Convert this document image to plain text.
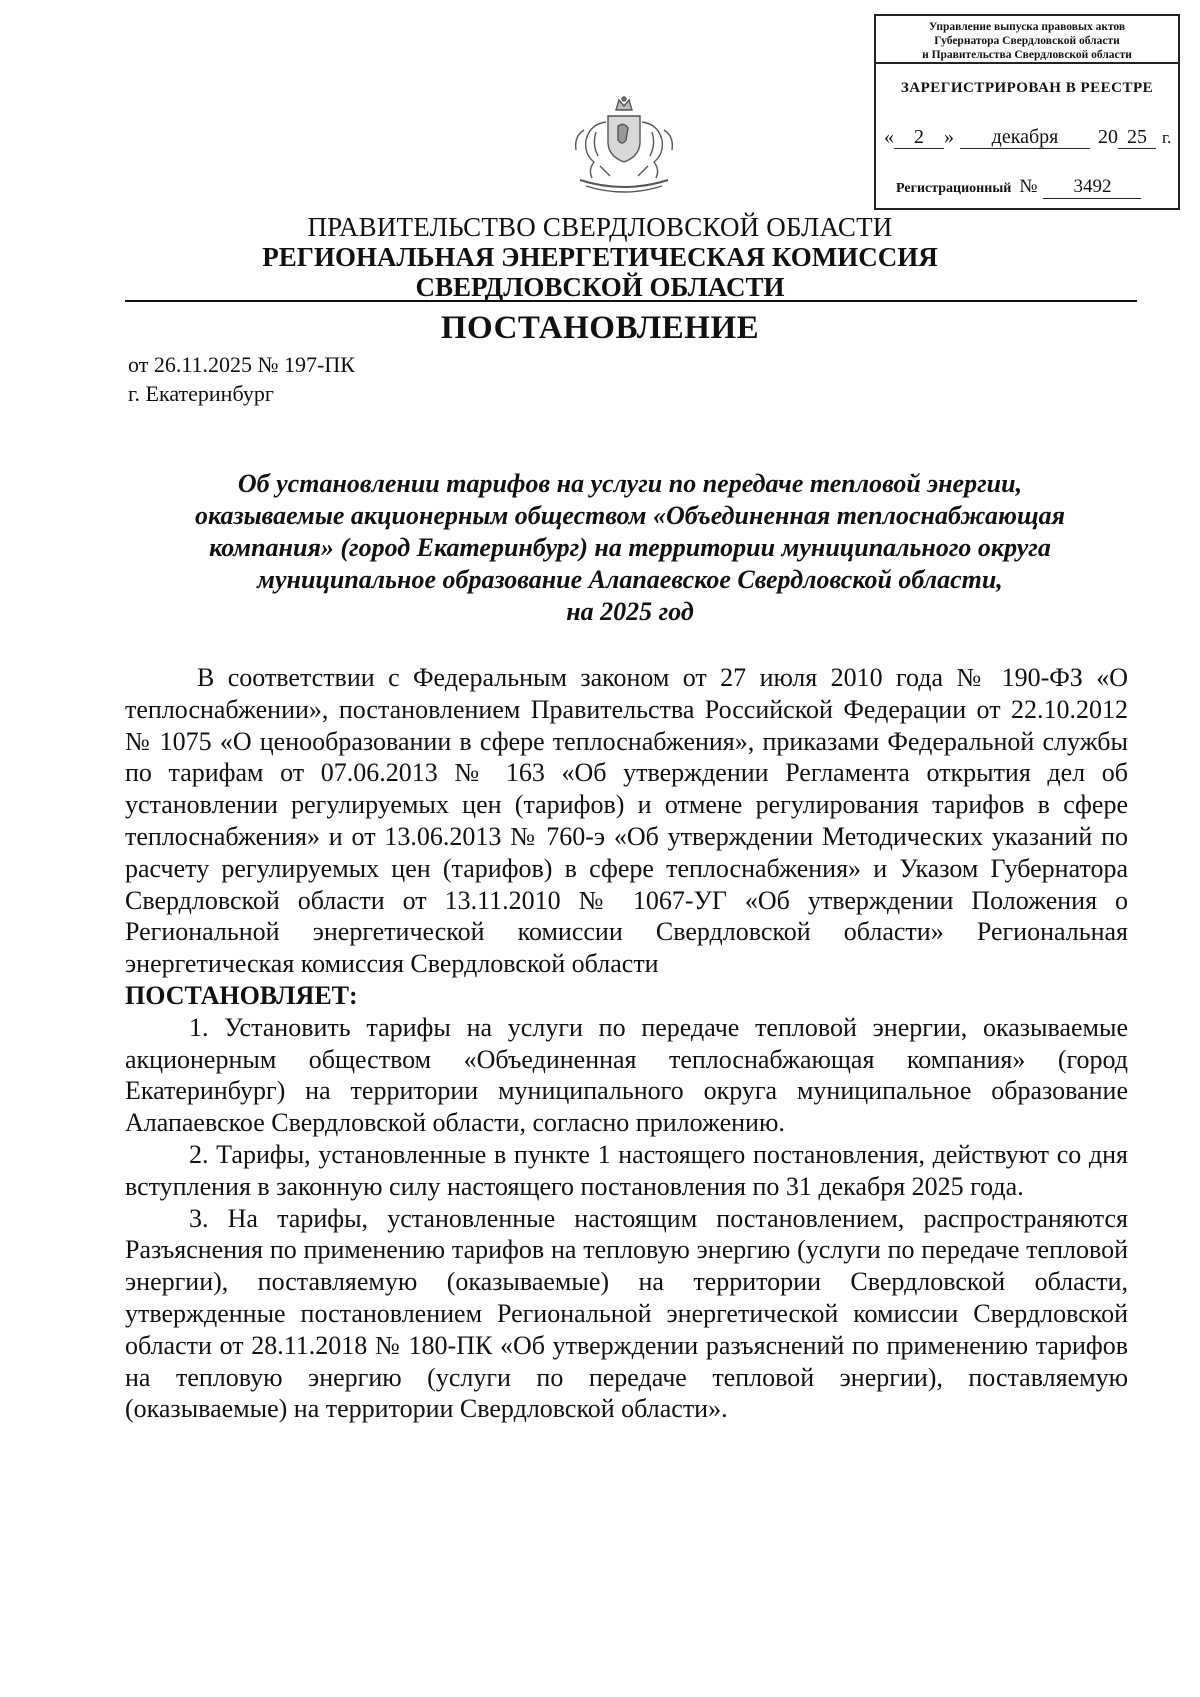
Управление выпуска правовых актов
Губернатора Свердловской области
и Правительства Свердловской области
ЗАРЕГИСТРИРОВАН В РЕЕСТРЕ
« 2 » декабря 20 25 г.
Регистрационный № 3492
ПРАВИТЕЛЬСТВО СВЕРДЛОВСКОЙ ОБЛАСТИ
РЕГИОНАЛЬНАЯ ЭНЕРГЕТИЧЕСКАЯ КОМИССИЯ
СВЕРДЛОВСКОЙ ОБЛАСТИ
ПОСТАНОВЛЕНИЕ
от 26.11.2025 № 197-ПК
г. Екатеринбург
Об установлении тарифов на услуги по передаче тепловой энергии,
оказываемые акционерным обществом «Объединенная теплоснабжающая
компания» (город Екатеринбург) на территории муниципального округа
муниципальное образование Алапаевское Свердловской области,
на 2025 год

В соответствии с Федеральным законом от 27 июля 2010 года № 190-ФЗ «О теплоснабжении», постановлением Правительства Российской Федерации от 22.10.2012 № 1075 «О ценообразовании в сфере теплоснабжения», приказами Федеральной службы по тарифам от 07.06.2013 № 163 «Об утверждении Регламента открытия дел об установлении регулируемых цен (тарифов) и отмене регулирования тарифов в сфере теплоснабжения» и от 13.06.2013 № 760-э «Об утверждении Методических указаний по расчету регулируемых цен (тарифов) в сфере теплоснабжения» и Указом Губернатора Свердловской области от 13.11.2010 № 1067-УГ «Об утверждении Положения о Региональной энергетической комиссии Свердловской области» Региональная энергетическая комиссия Свердловской области

ПОСТАНОВЛЯЕТ:

1. Установить тарифы на услуги по передаче тепловой энергии, оказываемые акционерным обществом «Объединенная теплоснабжающая компания» (город Екатеринбург) на территории муниципального округа муниципальное образование Алапаевское Свердловской области, согласно приложению.

2. Тарифы, установленные в пункте 1 настоящего постановления, действуют со дня вступления в законную силу настоящего постановления по 31 декабря 2025 года.

3. На тарифы, установленные настоящим постановлением, распространяются Разъяснения по применению тарифов на тепловую энергию (услуги по передаче тепловой энергии), поставляемую (оказываемые) на территории Свердловской области, утвержденные постановлением Региональной энергетической комиссии Свердловской области от 28.11.2018 № 180-ПК «Об утверждении разъяснений по применению тарифов на тепловую энергию (услуги по передаче тепловой энергии), поставляемую (оказываемые) на территории Свердловской области».
